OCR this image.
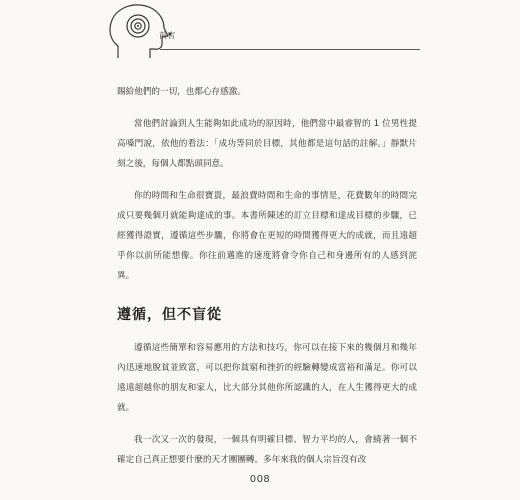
前言

賜給他們的一切，也都心存感激。

當他們討論到人生能夠如此成功的原因時，他們當中最睿智的 1 位男性提高嗓門說，依他的看法：「成功等同於目標，其他都是這句話的註解。」靜默片刻之後，每個人都點頭同意。

你的時間和生命很寶貴，最浪費時間和生命的事情是，花費數年的時間完成只要幾個月就能夠達成的事。本書所陳述的訂立目標和達成目標的步驟，已經獲得證實，遵循這些步驟，你將會在更短的時間獲得更大的成就，而且遠超乎你以前所能想像。你往前邁進的速度將會令你自己和身邊所有的人感到詫異。

遵循，但不盲從

遵循這些簡單和容易應用的方法和技巧，你可以在接下來的幾個月和幾年內迅速地脫貧並致富，可以把你貧窮和挫折的經驗轉變成富裕和滿足。你可以遠遠超越你的朋友和家人，比大部分其他你所認識的人，在人生獲得更大的成就。

我一次又一次的發現，一個具有明確目標、智力平均的人，會繞著一個不確定自己真正想要什麼的天才團團轉。多年來我的個人宗旨沒有改

008
